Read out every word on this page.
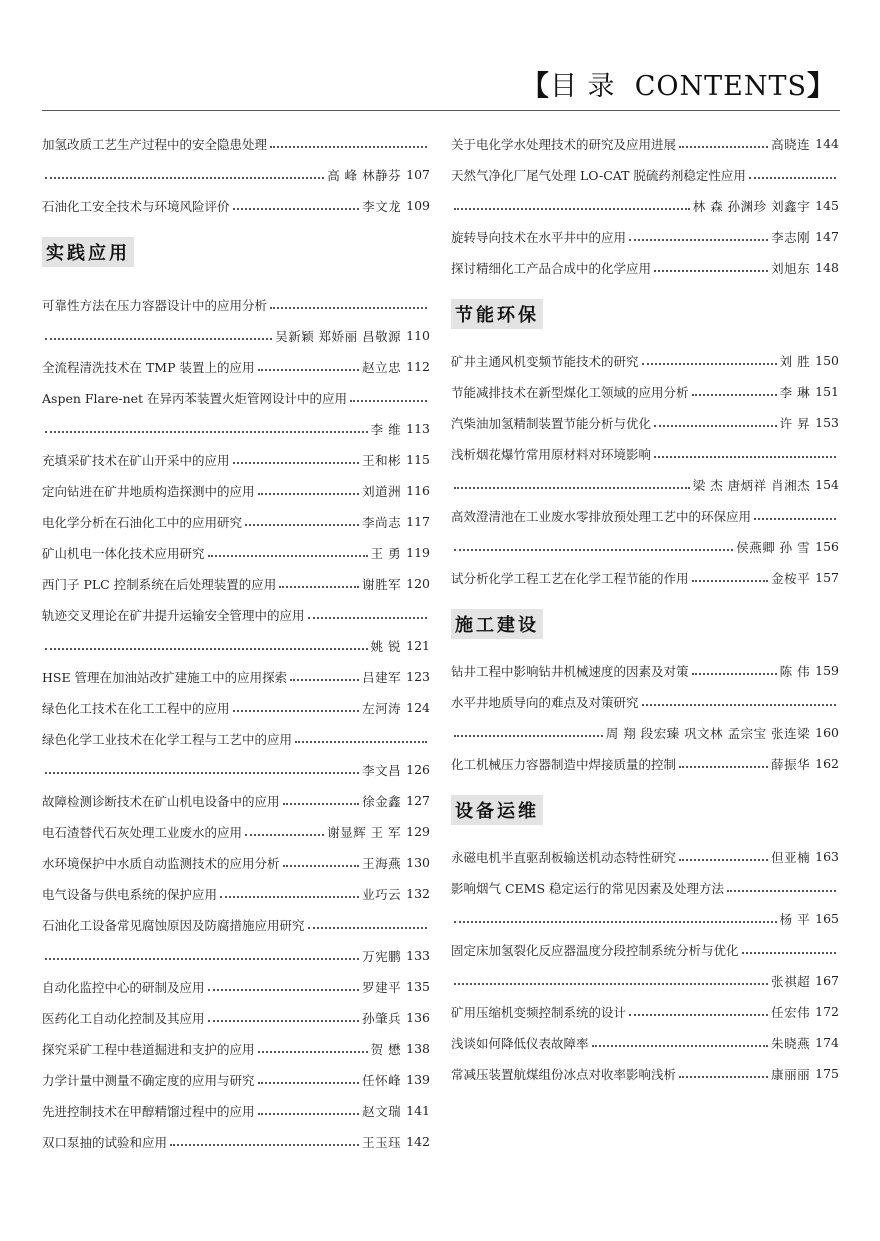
【目 录 CONTENTS】
加氢改质工艺生产过程中的安全隐患处理
高 峰 林静芬 107
石油化工安全技术与环境风险评价	李文龙 109
实践应用
可靠性方法在压力容器设计中的应用分析
吴新颖 郑娇丽 昌敬源 110
全流程清洗技术在 TMP 装置上的应用	赵立忠 112
Aspen Flare-net 在异丙苯装置火炬管网设计中的应用
李 维 113
充填采矿技术在矿山开采中的应用	王和彬 115
定向钻进在矿井地质构造探测中的应用	刘道洲 116
电化学分析在石油化工中的应用研究	李尚志 117
矿山机电一体化技术应用研究	王 勇 119
西门子 PLC 控制系统在后处理装置的应用	谢胜军 120
轨迹交叉理论在矿井提升运输安全管理中的应用
姚 锐 121
HSE 管理在加油站改扩建施工中的应用探索	吕建军 123
绿色化工技术在化工工程中的应用	左河涛 124
绿色化学工业技术在化学工程与工艺中的应用
李文昌 126
故障检测诊断技术在矿山机电设备中的应用	徐金鑫 127
电石渣替代石灰处理工业废水的应用	谢显辉 王 军 129
水环境保护中水质自动监测技术的应用分析	王海燕 130
电气设备与供电系统的保护应用	业巧云 132
石油化工设备常见腐蚀原因及防腐措施应用研究
万宪鹏 133
自动化监控中心的研制及应用	罗建平 135
医药化工自动化控制及其应用	孙肇兵 136
探究采矿工程中巷道掘进和支护的应用	贺 懋 138
力学计量中测量不确定度的应用与研究	任怀峰 139
先进控制技术在甲醇精馏过程中的应用	赵文瑞 141
双口泵抽的试验和应用	王玉珏 142
关于电化学水处理技术的研究及应用进展	高晓连 144
天然气净化厂尾气处理 LO-CAT 脱硫药剂稳定性应用
林 森 孙渊珍 刘鑫宇 145
旋转导向技术在水平井中的应用	李志刚 147
探讨精细化工产品合成中的化学应用	刘旭东 148
节能环保
矿井主通风机变频节能技术的研究	刘 胜 150
节能减排技术在新型煤化工领域的应用分析	李 琳 151
汽柴油加氢精制装置节能分析与优化	许 昇 153
浅析烟花爆竹常用原材料对环境影响
梁 杰 唐炳祥 肖湘杰 154
高效澄清池在工业废水零排放预处理工艺中的环保应用
侯燕卿 孙 雪 156
试分析化学工程工艺在化学工程节能的作用	金桉平 157
施工建设
钻井工程中影响钻井机械速度的因素及对策	陈 伟 159
水平井地质导向的难点及对策研究
周 翔 段宏臻 巩文林 孟宗宝 张连梁 160
化工机械压力容器制造中焊接质量的控制	薛振华 162
设备运维
永磁电机半直驱刮板输送机动态特性研究	但亚楠 163
影响烟气 CEMS 稳定运行的常见因素及处理方法
杨 平 165
固定床加氢裂化反应器温度分段控制系统分析与优化
张祺超 167
矿用压缩机变频控制系统的设计	任宏伟 172
浅谈如何降低仪表故障率	朱晓燕 174
常减压装置航煤组份冰点对收率影响浅析	康丽丽 175
